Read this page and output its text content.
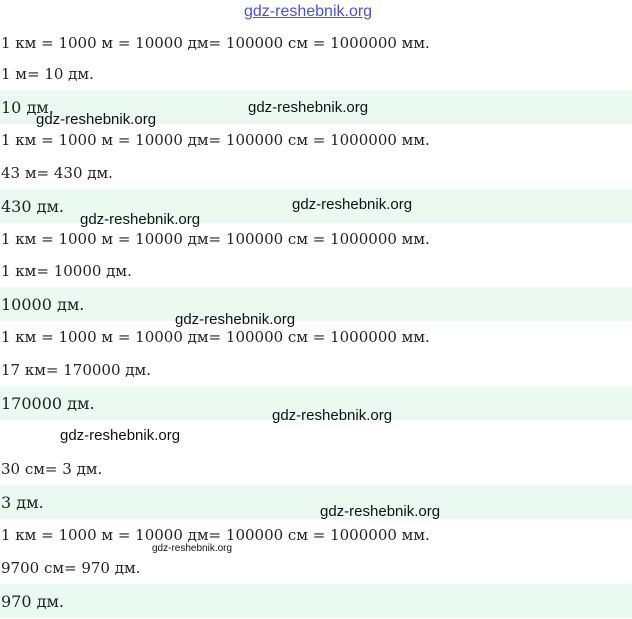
1 км = 1000 м = 10000 дм= 100000 см = 1000000 мм.
1 м= 10 дм.
10 дм.
1 км = 1000 м = 10000 дм= 100000 см = 1000000 мм.
43 м= 430 дм.
430 дм.
1 км = 1000 м = 10000 дм= 100000 см = 1000000 мм.
1 км= 10000 дм.
10000 дм.
1 км = 1000 м = 10000 дм= 100000 см = 1000000 мм.
17 км= 170000 дм.
170000 дм.
30 см= 3 дм.
3 дм.
1 км = 1000 м = 10000 дм= 100000 см = 1000000 мм.
9700 см= 970 дм.
970 дм.
gdz-reshebnik.org
gdz-reshebnik.org
gdz-reshebnik.org
gdz-reshebnik.org
gdz-reshebnik.org
gdz-reshebnik.org
gdz-reshebnik.org
gdz-reshebnik.org
gdz-reshebnik.org
gdz-reshebnik.org
